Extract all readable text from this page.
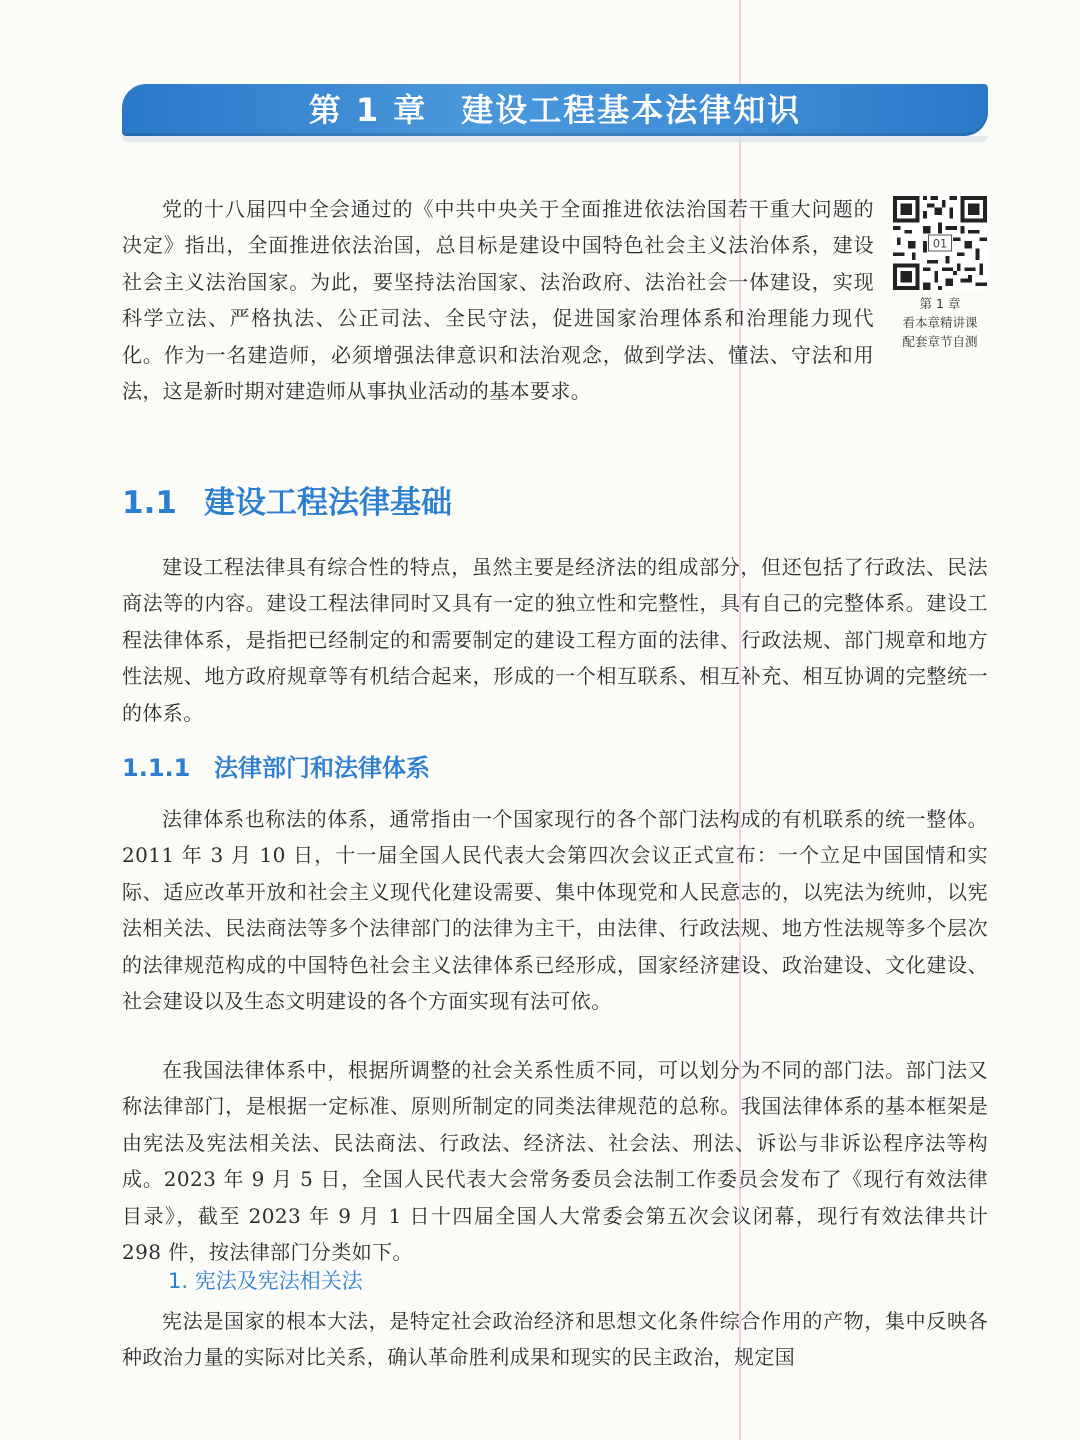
第 1 章 建设工程基本法律知识

党的十八届四中全会通过的《中共中央关于全面推进依法治国若干重大问题的决定》指出，全面推进依法治国，总目标是建设中国特色社会主义法治体系，建设社会主义法治国家。为此，要坚持法治国家、法治政府、法治社会一体建设，实现科学立法、严格执法、公正司法、全民守法，促进国家治理体系和治理能力现代化。作为一名建造师，必须增强法律意识和法治观念，做到学法、懂法、守法和用法，这是新时期对建造师从事执业活动的基本要求。

01
第 1 章
看本章精讲课
配套章节自测
1.1 建设工程法律基础

建设工程法律具有综合性的特点，虽然主要是经济法的组成部分，但还包括了行政法、民法商法等的内容。建设工程法律同时又具有一定的独立性和完整性，具有自己的完整体系。建设工程法律体系，是指把已经制定的和需要制定的建设工程方面的法律、行政法规、部门规章和地方性法规、地方政府规章等有机结合起来，形成的一个相互联系、相互补充、相互协调的完整统一的体系。

1.1.1 法律部门和法律体系

法律体系也称法的体系，通常指由一个国家现行的各个部门法构成的有机联系的统一整体。2011 年 3 月 10 日，十一届全国人民代表大会第四次会议正式宣布：一个立足中国国情和实际、适应改革开放和社会主义现代化建设需要、集中体现党和人民意志的，以宪法为统帅，以宪法相关法、民法商法等多个法律部门的法律为主干，由法律、行政法规、地方性法规等多个层次的法律规范构成的中国特色社会主义法律体系已经形成，国家经济建设、政治建设、文化建设、社会建设以及生态文明建设的各个方面实现有法可依。

在我国法律体系中，根据所调整的社会关系性质不同，可以划分为不同的部门法。部门法又称法律部门，是根据一定标准、原则所制定的同类法律规范的总称。我国法律体系的基本框架是由宪法及宪法相关法、民法商法、行政法、经济法、社会法、刑法、诉讼与非诉讼程序法等构成。2023 年 9 月 5 日，全国人民代表大会常务委员会法制工作委员会发布了《现行有效法律目录》，截至 2023 年 9 月 1 日十四届全国人大常委会第五次会议闭幕，现行有效法律共计 298 件，按法律部门分类如下。

1. 宪法及宪法相关法

宪法是国家的根本大法，是特定社会政治经济和思想文化条件综合作用的产物，集中反映各种政治力量的实际对比关系，确认革命胜利成果和现实的民主政治，规定国
